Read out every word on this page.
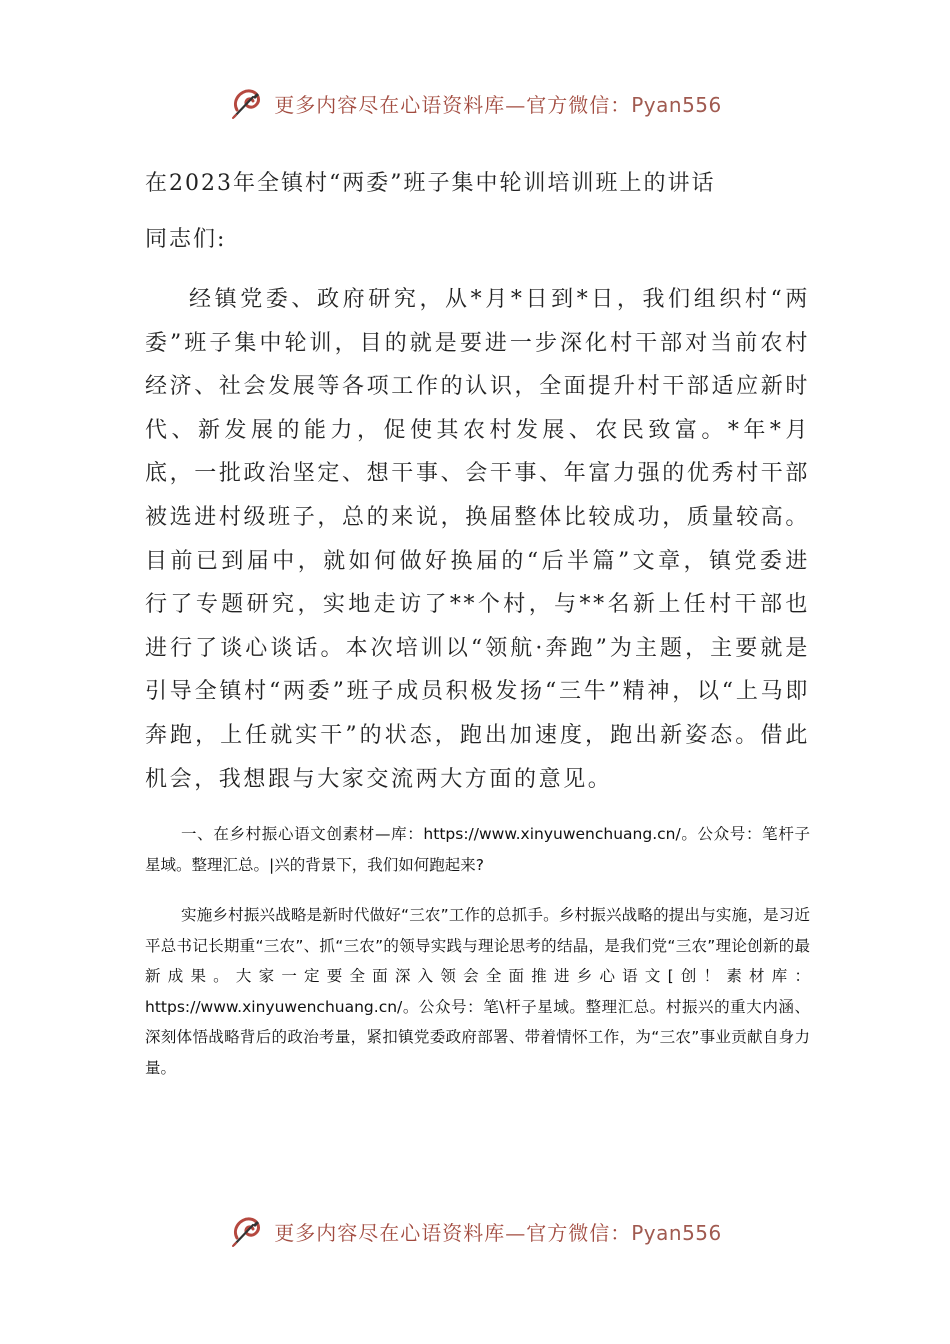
更多内容尽在心语资料库—官方微信：Pyan556
在2023年全镇村“两委”班子集中轮训培训班上的讲话

同志们:

经镇党委、政府研究，从*月*日到*日，我们组织村“两委”班子集中轮训，目的就是要进一步深化村干部对当前农村经济、社会发展等各项工作的认识，全面提升村干部适应新时代、新发展的能力，促使其农村发展、农民致富。*年*月底，一批政治坚定、想干事、会干事、年富力强的优秀村干部被选进村级班子，总的来说，换届整体比较成功，质量较高。目前已到届中，就如何做好换届的“后半篇”文章，镇党委进行了专题研究，实地走访了**个村，与**名新上任村干部也进行了谈心谈话。本次培训以“领航·奔跑”为主题，主要就是引导全镇村“两委”班子成员积极发扬“三牛”精神，以“上马即奔跑，上任就实干”的状态，跑出加速度，跑出新姿态。借此机会，我想跟与大家交流两大方面的意见。

一、在乡村振心语文创素材—库：https://www.xinyuwenchuang.cn/。公众号：笔杆子星域。整理汇总。|兴的背景下，我们如何跑起来?

实施乡村振兴战略是新时代做好“三农”工作的总抓手。乡村振兴战略的提出与实施，是习近平总书记长期重“三农”、抓“三农”的领导实践与理论思考的结晶，是我们党“三农”理论创新的最新成果。大家一定要全面深入领会全面推进乡心语文[创！素材库：https://www.xinyuwenchuang.cn/。公众号：笔\杆子星域。整理汇总。村振兴的重大内涵、深刻体悟战略背后的政治考量，紧扣镇党委政府部署、带着情怀工作，为“三农”事业贡献自身力量。

更多内容尽在心语资料库—官方微信：Pyan556
